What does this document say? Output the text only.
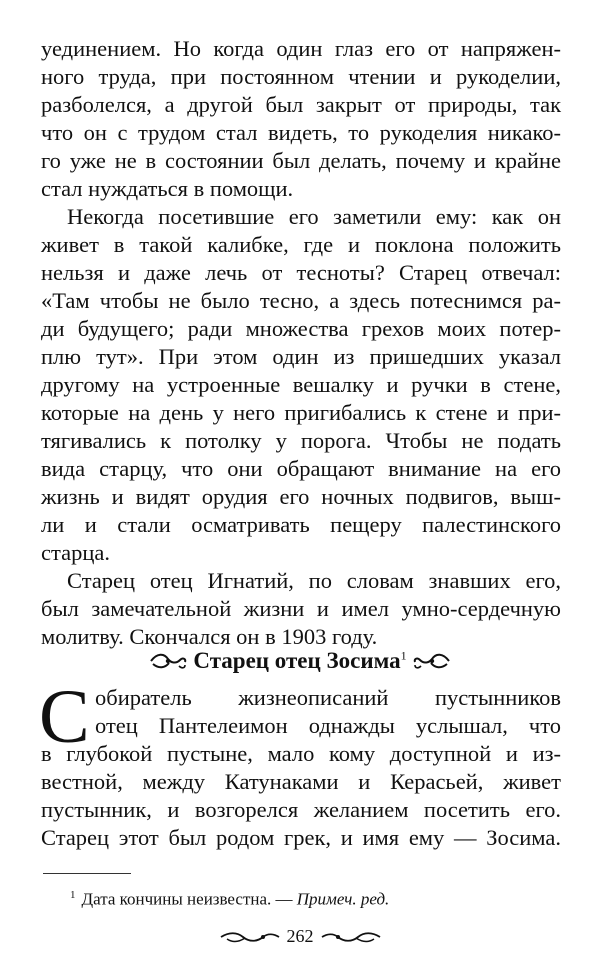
уединением. Но когда один глаз его от напряжен-
ного труда, при постоянном чтении и рукоделии,
разболелся, а другой был закрыт от природы, так
что он с трудом стал видеть, то рукоделия никако-
го уже не в состоянии был делать, почему и крайне
стал нуждаться в помощи.
Некогда посетившие его заметили ему: как он
живет в такой калибке, где и поклона положить
нельзя и даже лечь от тесноты? Старец отвечал:
«Там чтобы не было тесно, а здесь потеснимся ра-
ди будущего; ради множества грехов моих потер-
плю тут». При этом один из пришедших указал
другому на устроенные вешалку и ручки в стене,
которые на день у него пригибались к стене и при-
тягивались к потолку у порога. Чтобы не подать
вида старцу, что они обращают внимание на его
жизнь и видят орудия его ночных подвигов, выш-
ли и стали осматривать пещеру палестинского
старца.
Старец отец Игнатий, по словам знавших его,
был замечательной жизни и имел умно-сердечную
молитву. Скончался он в 1903 году.
Старец отец Зосима$^1$
С обиратель жизнеописаний пустынников
отец Пантелеимон однажды услышал, что
в глубокой пустыне, мало кому доступной и из-
вестной, между Катунаками и Керасьей, живет
пустынник, и возгорелся желанием посетить его.
Старец этот был родом грек, и имя ему — Зосима.
$^1$ Дата кончины неизвестна. — Примеч. ред.
262
